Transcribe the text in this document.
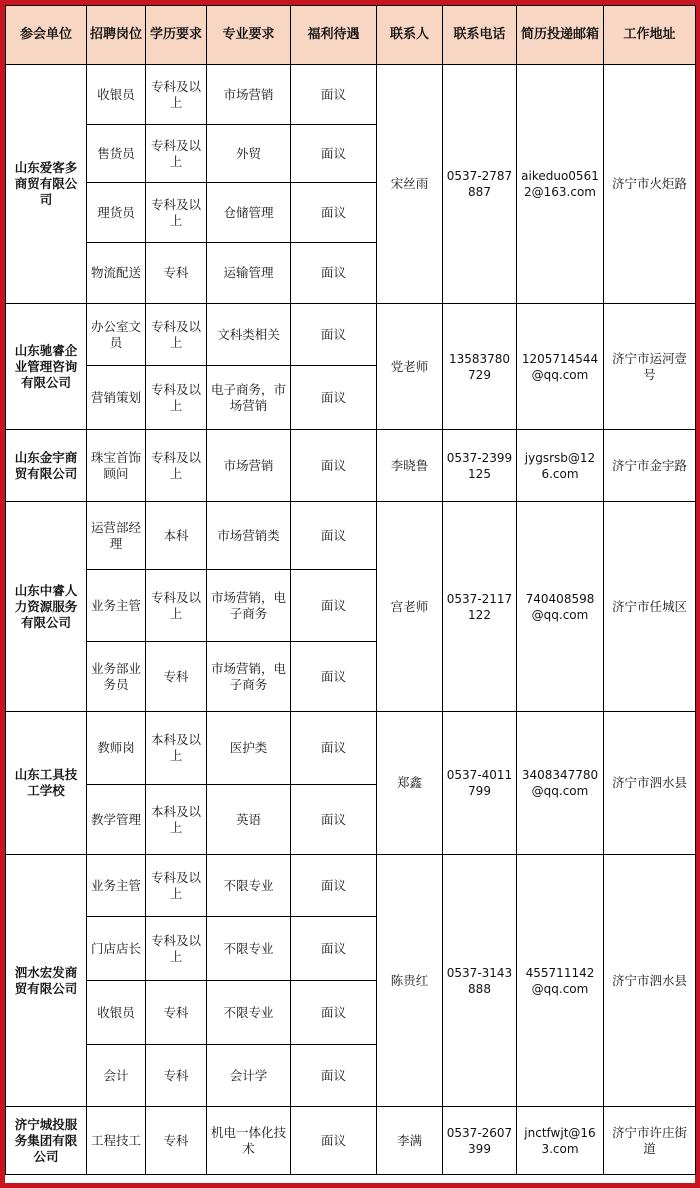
参会单位	招聘岗位	学历要求	专业要求	福利待遇	联系人	联系电话	简历投递邮箱	工作地址
山东爱客多商贸有限公司	收银员	专科及以上	市场营销	面议	宋丝雨	0537-2787887	aikeduo05612@163.com	济宁市火炬路
	售货员	专科及以上	外贸	面议				
	理货员	专科及以上	仓储管理	面议				
	物流配送	专科	运输管理	面议				
山东驰睿企业管理咨询有限公司	办公室文员	专科及以上	文科类相关	面议	党老师	13583780729	1205714544@qq.com	济宁市运河壹号
	营销策划	专科及以上	电子商务，市场营销	面议				
山东金宇商贸有限公司	珠宝首饰顾问	专科及以上	市场营销	面议	李晓鲁	0537-2399125	jygsrsb@126.com	济宁市金宇路
山东中睿人力资源服务有限公司	运营部经理	本科	市场营销类	面议	宫老师	0537-2117122	740408598@qq.com	济宁市任城区
	业务主管	专科及以上	市场营销，电子商务	面议				
	业务部业务员	专科	市场营销，电子商务	面议				
山东工具技工学校	教师岗	本科及以上	医护类	面议	郑鑫	0537-4011799	3408347780@qq.com	济宁市泗水县
	教学管理	本科及以上	英语	面议				
泗水宏发商贸有限公司	业务主管	专科及以上	不限专业	面议	陈贵红	0537-3143888	455711142@qq.com	济宁市泗水县
	门店店长	专科及以上	不限专业	面议				
	收银员	专科	不限专业	面议				
	会计	专科	会计学	面议				
济宁城投服务集团有限公司	工程技工	专科	机电一体化技术	面议	李满	0537-2607399	jnctfwjt@163.com	济宁市许庄街道
